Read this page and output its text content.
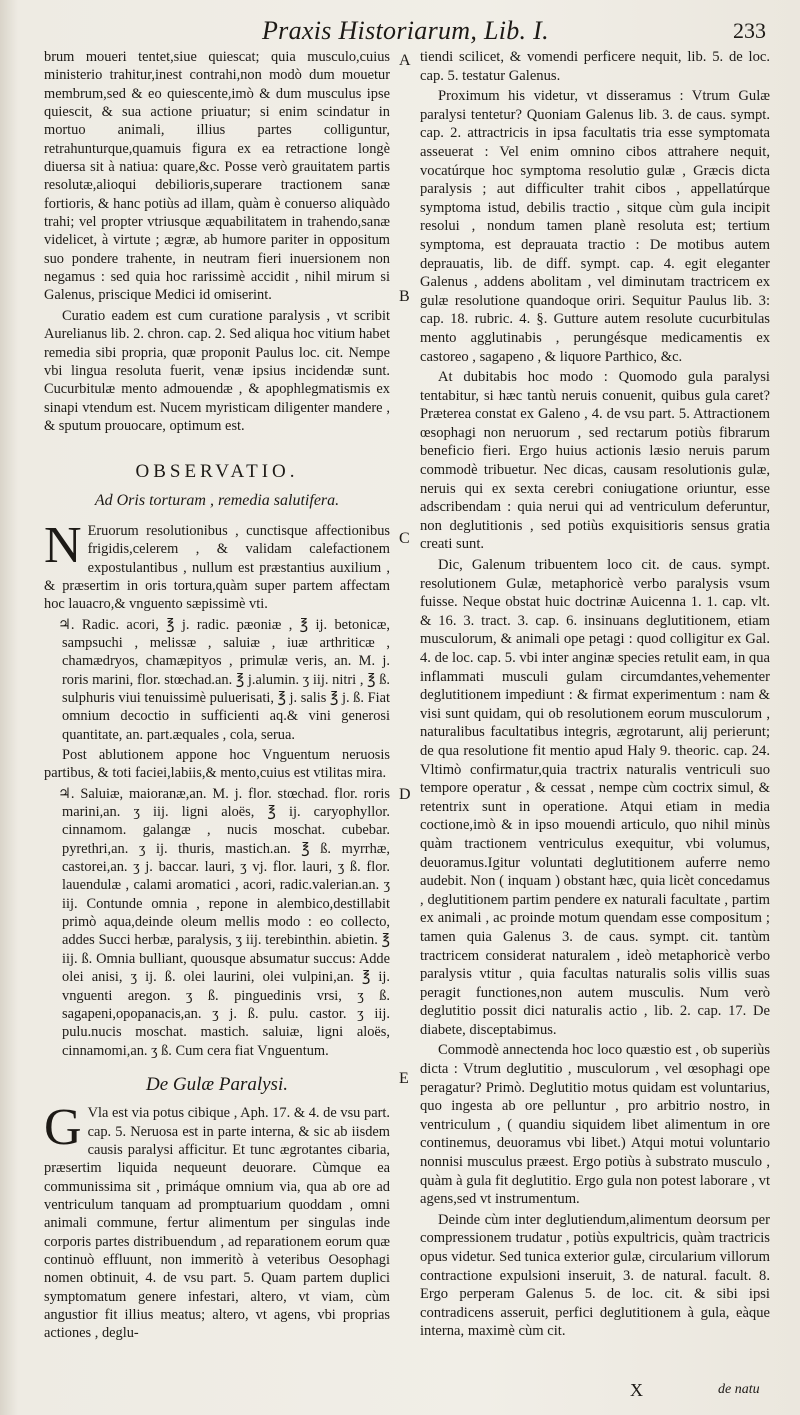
Praxis Historiarum, Lib. I.	233

brum moueri tentet,siue quiescat; quia musculo,cuius ministerio trahitur,inest contrahi,non modò dum mouetur membrum,sed & eo quiescente,imò & dum musculus ipse quiescit, & sua actione priuatur; si enim scindatur in mortuo animali, illius partes colliguntur, retrahunturque,quamuis figura ex ea retractione longè diuersa sit à natiua: quare,&c. Posse verò grauitatem partis resolutæ,alioqui debilioris,superare tractionem sanæ fortioris, & hanc potiùs ad illam, quàm è conuerso aliquàdo trahi; vel propter vtriusque æquabilitatem in trahendo,sanæ videlicet, à virtute ; ægræ, ab humore pariter in oppositum suo pondere trahente, in neutram fieri inuersionem non negamus : sed quia hoc rarissimè accidit , nihil mirum si Galenus, priscique Medici id omiserint.

Curatio eadem est cum curatione paralysis , vt scribit Aurelianus lib. 2. chron. cap. 2. Sed aliqua hoc vitium habet remedia sibi propria, quæ proponit Paulus loc. cit. Nempe vbi lingua resoluta fuerit, venæ ipsius incidendæ sunt. Cucurbitulæ mento admouendæ , & apophlegmatismis ex sinapi vtendum est. Nucem myristicam diligenter mandere , & sputum prouocare, optimum est.

OBSERVATIO.

Ad Oris torturam , remedia salutifera.

N Eruorum resolutionibus , cunctisque affectionibus frigidis,celerem , & validam calefactionem expostulantibus , nullum est præstantius auxilium , & præsertim in oris tortura,quàm super partem affectam hoc lauacro,& vnguento sæpissimè vti.

♃. Radic. acori, ℥ j. radic. pæoniæ , ℥ ij. betonicæ, sampsuchi , melissæ , saluiæ , iuæ arthriticæ , chamædryos, chamæpityos , primulæ veris, an. M. j. roris marini, flor. stœchad.an. ℥ j.alumin. ʒ iij. nitri , ℥ ß. sulphuris viui tenuissimè puluerisati, ℥ j. salis ℥ j. ß. Fiat omnium decoctio in sufficienti aq.& vini generosi quantitate, an. part.æquales , cola, serua.

Post ablutionem appone hoc Vnguentum neruosis partibus, & toti faciei,labiis,& mento,cuius est vtilitas mira.

♃. Saluiæ, maioranæ,an. M. j. flor. stœchad. flor. roris marini,an. ʒ iij. ligni aloës, ℥ ij. caryophyllor. cinnamom. galangæ , nucis moschat. cubebar. pyrethri,an. ʒ ij. thuris, mastich.an. ℥ ß. myrrhæ, castorei,an. ʒ j. baccar. lauri, ʒ vj. flor. lauri, ʒ ß. flor. lauendulæ , calami aromatici , acori, radic.valerian.an. ʒ iij. Contunde omnia , repone in alembico,destillabit primò aqua,deinde oleum mellis modo : eo collecto, addes Succi herbæ, paralysis, ʒ iij. terebinthin. abietin. ℥ iij. ß. Omnia bulliant, quousque absumatur succus: Adde olei anisi, ʒ ij. ß. olei laurini, olei vulpini,an. ℥ ij. vnguenti aregon. ʒ ß. pinguedinis vrsi, ʒ ß. sagapeni,opopanacis,an. ʒ j. ß. pulu. castor. ʒ iij. pulu.nucis moschat. mastich. saluiæ, ligni aloës, cinnamomi,an. ʒ ß. Cum cera fiat Vnguentum.

De Gulæ Paralysi.

G Vla est via potus cibique , Aph. 17. & 4. de vsu part. cap. 5. Neruosa est in parte interna, & sic ab iisdem causis paralysi afficitur. Et tunc ægrotantes cibaria, præsertim liquida nequeunt deuorare. Cùmque ea communissima sit , primáque omnium via, qua ab ore ad ventriculum tanquam ad promptuarium quoddam , omni animali commune, fertur alimentum per singulas inde corporis partes distribuendum , ad reparationem eorum quæ continuò effluunt, non immeritò à veteribus Oesophagi nomen obtinuit, 4. de vsu part. 5. Quam partem duplici symptomatum genere infestari, altero, vt viam, cùm angustior fit illius meatus; altero, vt agens, vbi proprias actiones , deglu-

A
B
C
D
E

tiendi scilicet, & vomendi perficere nequit, lib. 5. de loc. cap. 5. testatur Galenus.

Proximum his videtur, vt disseramus : Vtrum Gulæ paralysi tentetur? Quoniam Galenus lib. 3. de caus. sympt. cap. 2. attractricis in ipsa facultatis tria esse symptomata asseuerat : Vel enim omnino cibos attrahere nequit, vocatúrque hoc symptoma resolutio gulæ , Græcis dicta paralysis ; aut difficulter trahit cibos , appellatúrque symptoma istud, debilis tractio , sitque cùm gula incipit resolui , nondum tamen planè resoluta est; tertium symptoma, est deprauata tractio : De motibus autem deprauatis, lib. de diff. sympt. cap. 4. egit eleganter Galenus , addens abolitam , vel diminutam tractricem ex gulæ resolutione quandoque oriri. Sequitur Paulus lib. 3: cap. 18. rubric. 4. §. Gutture autem resolute cucurbitulas mento agglutinabis , perungésque medicamentis ex castoreo , sagapeno , & liquore Parthico, &c.

At dubitabis hoc modo : Quomodo gula paralysi tentabitur, si hæc tantù neruis conuenit, quibus gula caret? Præterea constat ex Galeno , 4. de vsu part. 5. Attractionem œsophagi non neruorum , sed rectarum potiùs fibrarum beneficio fieri. Ergo huius actionis læsio neruis parum commodè tribuetur. Nec dicas, causam resolutionis gulæ, neruis qui ex sexta cerebri coniugatione oriuntur, esse adscribendam : quia nerui qui ad ventriculum deferuntur, non deglutitionis , sed potiùs exquisitioris sensus gratia creati sunt.

Dic, Galenum tribuentem loco cit. de caus. sympt. resolutionem Gulæ, metaphoricè verbo paralysis vsum fuisse. Neque obstat huic doctrinæ Auicenna 1. 1. cap. vlt. & 16. 3. tract. 3. cap. 6. insinuans deglutitionem, etiam musculorum, & animali ope petagi : quod colligitur ex Gal. 4. de loc. cap. 5. vbi inter anginæ species retulit eam, in qua inflammati musculi gulam circumdantes,vehementer deglutitionem impediunt : & firmat experimentum : nam & visi sunt quidam, qui ob resolutionem eorum musculorum , naturalibus facultatibus integris, ægrotarunt, alij perierunt; de qua resolutione fit mentio apud Haly 9. theoric. cap. 24. Vltimò confirmatur,quia tractrix naturalis ventriculi suo tempore operatur , & cessat , nempe cùm coctrix simul, & retentrix sunt in operatione. Atqui etiam in media coctione,imò & in ipso mouendi articulo, quo nihil minùs quàm tractionem ventriculus exequitur, vbi volumus, deuoramus.Igitur voluntati deglutitionem auferre nemo audebit. Non ( inquam ) obstant hæc, quia licèt concedamus , deglutitionem partim pendere ex naturali facultate , partim ex animali , ac proinde motum quendam esse compositum ; tamen quia Galenus 3. de caus. sympt. cit. tantùm tractricem considerat naturalem , ideò metaphoricè verbo paralysis vtitur , quia facultas naturalis solis villis suas peragit functiones,non autem musculis. Num verò deglutitio possit dici naturalis actio , lib. 2. cap. 17. De diabete, disceptabimus.

Commodè annectenda hoc loco quæstio est , ob superiùs dicta : Vtrum deglutitio , musculorum , vel œsophagi ope peragatur? Primò. Deglutitio motus quidam est voluntarius, quo ingesta ab ore pelluntur , pro arbitrio nostro, in ventriculum , ( quandiu siquidem libet alimentum in ore continemus, deuoramus vbi libet.) Atqui motui voluntario nonnisi musculus præest. Ergo potiùs à substrato musculo , quàm à gula fit deglutitio. Ergo gula non potest laborare , vt agens,sed vt instrumentum.

Deinde cùm inter deglutiendum,alimentum deorsum per compressionem trudatur , potiùs expultricis, quàm tractricis opus videtur. Sed tunica exterior gulæ, circularium villorum contractione expulsioni inseruit, 3. de natural. facult. 8. Ergo perperam Galenus 5. de loc. cit. & sibi ipsi contradicens asseruit, perfici deglutitionem à gula, eàque interna, maximè cùm cit.

X	de natu
